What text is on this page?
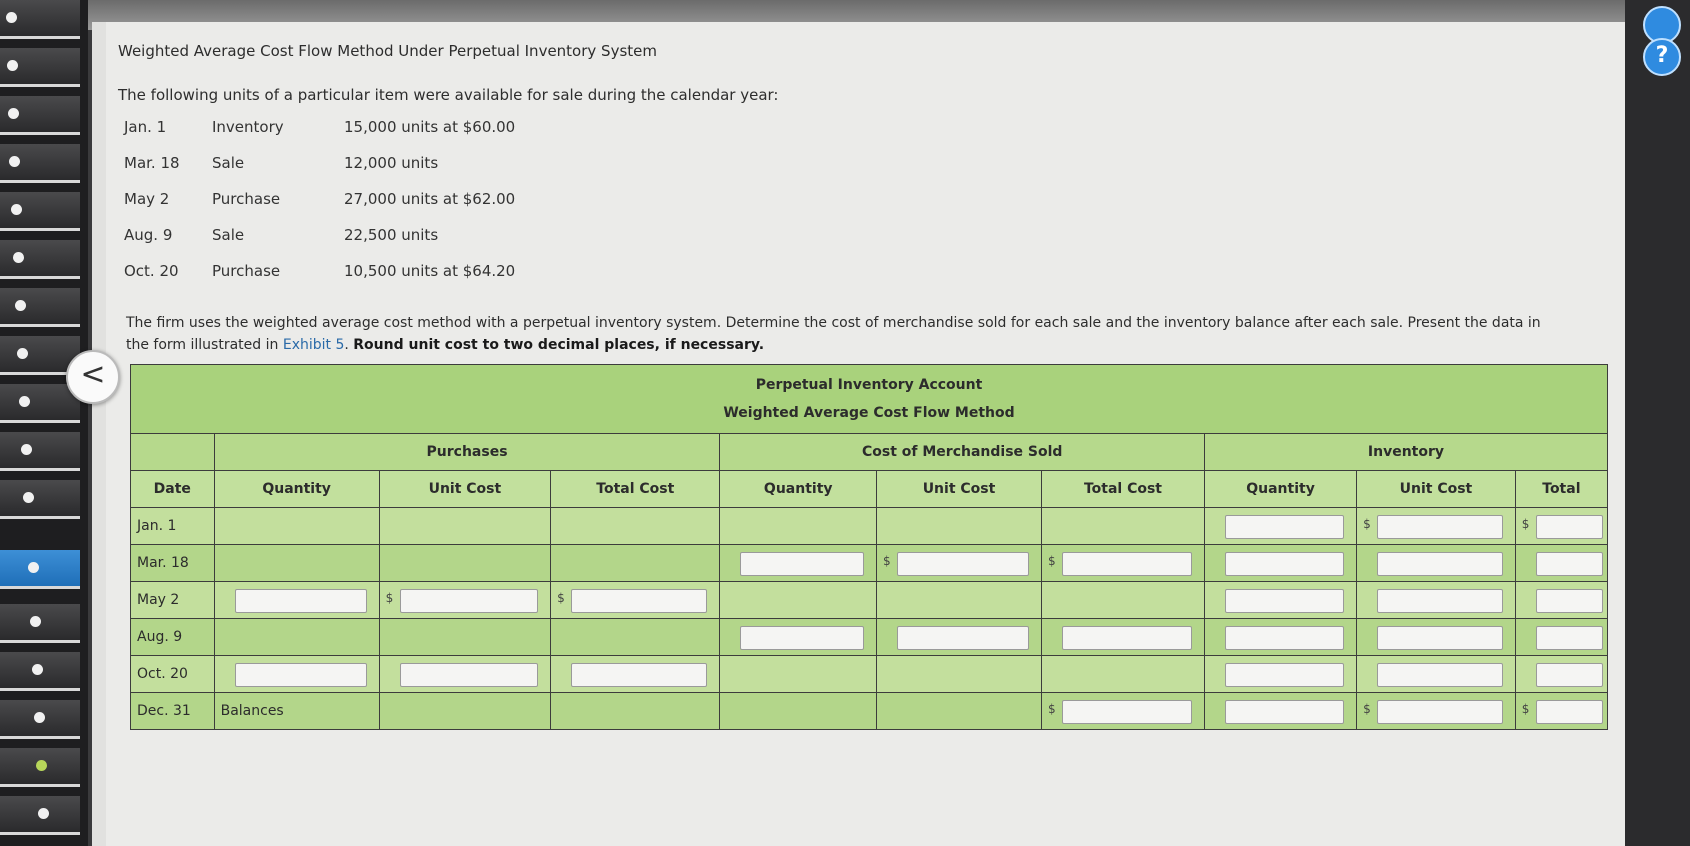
?
<
Weighted Average Cost Flow Method Under Perpetual Inventory System
The following units of a particular item were available for sale during the calendar year:
Jan. 1	Inventory	15,000 units at $60.00
Mar. 18 Sale	12,000 units
May 2	Purchase	27,000 units at $62.00
Aug. 9	Sale	22,500 units
Oct. 20 Purchase	10,500 units at $64.20
The firm uses the weighted average cost method with a perpetual inventory system. Determine the cost of merchandise sold for each sale and the inventory balance after each sale. Present the data in the form illustrated in Exhibit 5. Round unit cost to two decimal places, if necessary.
Perpetual Inventory Account
Weighted Average Cost Flow Method									

	Purchases			Cost of Merchandise Sold			Inventory		
Date	Quantity	Unit Cost	Total Cost	Quantity	Unit Cost	Total Cost	Quantity	Unit Cost	Total
Jan. 1								$	$

Mar. 18					$	$			

May 2		$	$						

Aug. 9				

Oct. 20	

Dec. 31	Balances					$		$	$
